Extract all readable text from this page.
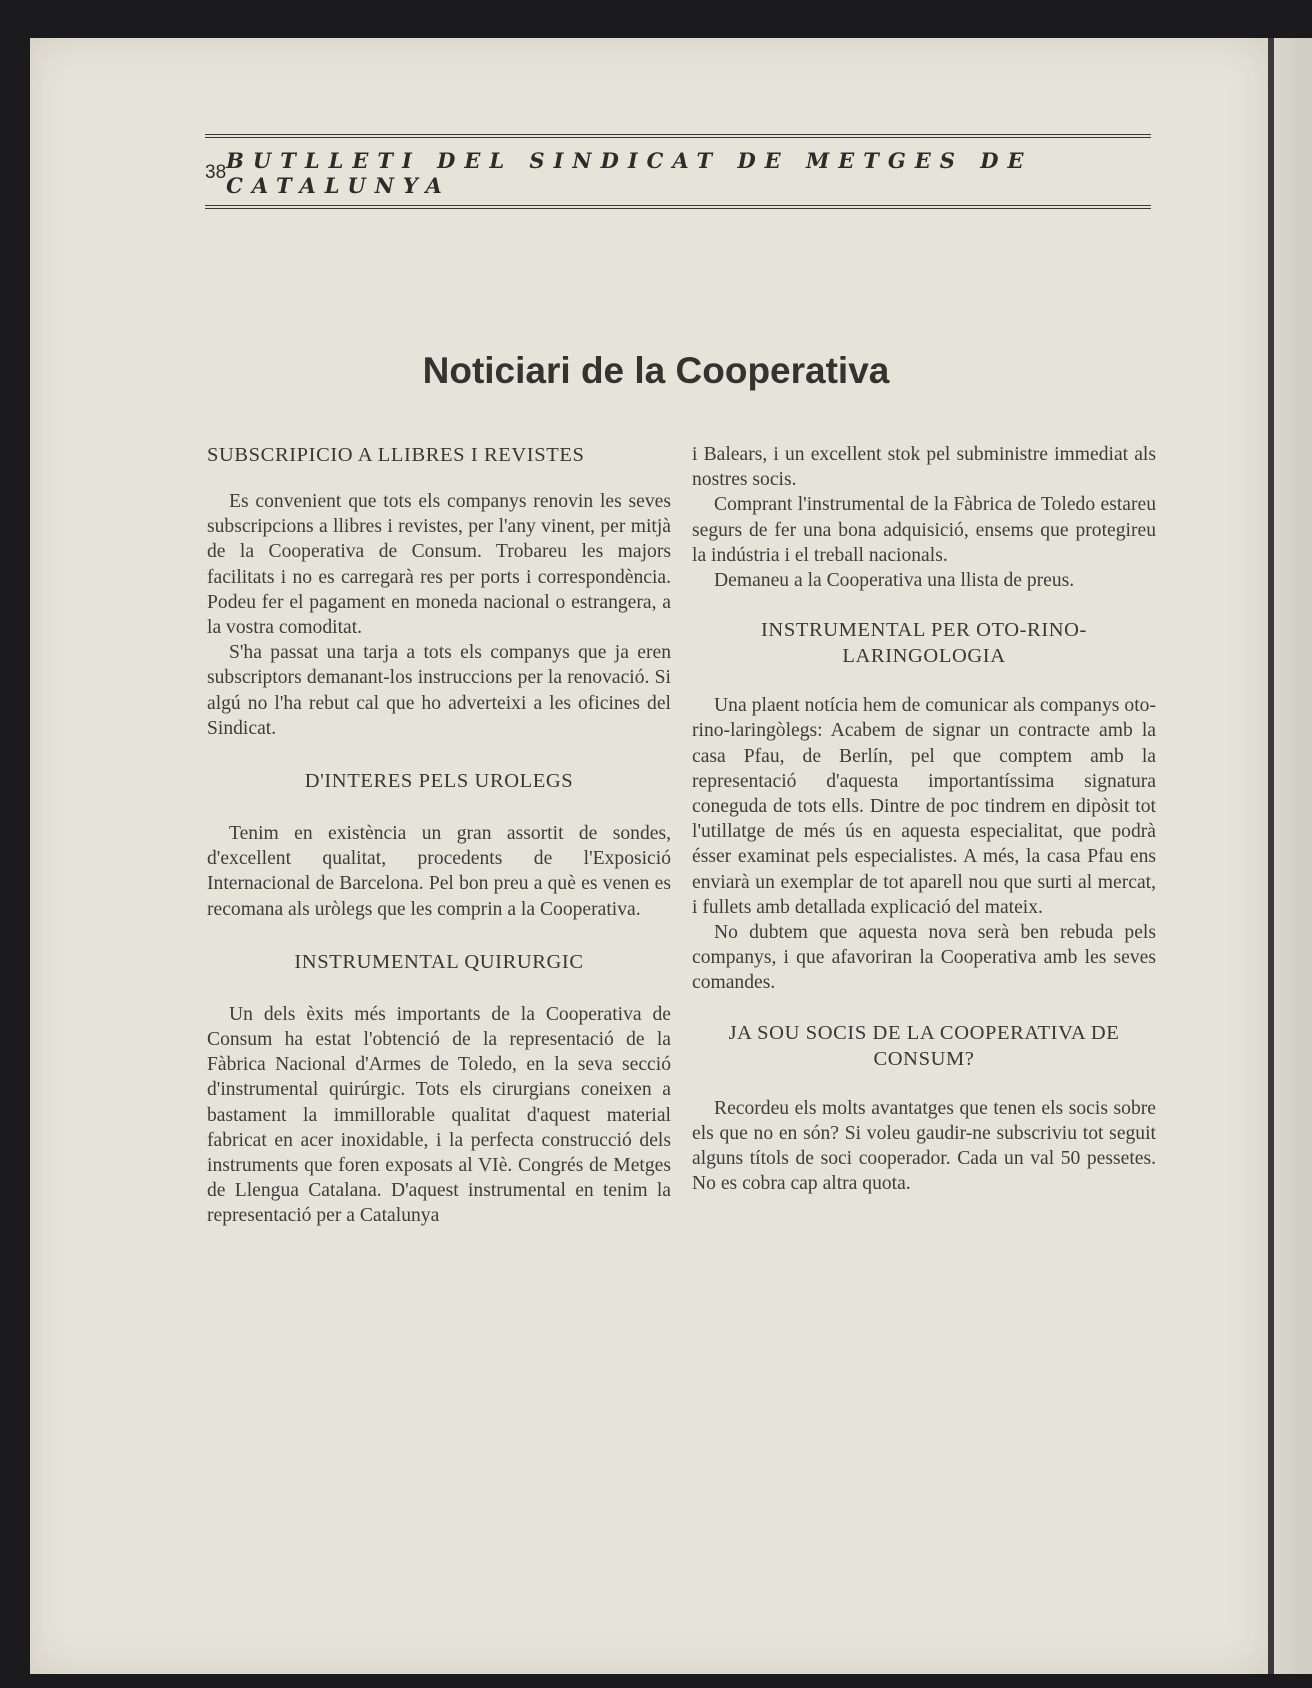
38 BUTLLETI DEL SINDICAT DE METGES DE CATALUNYA
Noticiari de la Cooperativa
SUBSCRIPICIO A LLIBRES I REVISTES

Es convenient que tots els companys renovin les seves subscripcions a llibres i revistes, per l'any vinent, per mitjà de la Cooperativa de Consum. Trobareu les majors facilitats i no es carregarà res per ports i correspondència. Podeu fer el pagament en moneda nacional o estrangera, a la vostra comoditat.

S'ha passat una tarja a tots els companys que ja eren subscriptors demanant-los instruccions per la renovació. Si algú no l'ha rebut cal que ho adverteixi a les oficines del Sindicat.

D'INTERES PELS UROLEGS

Tenim en existència un gran assortit de sondes, d'excellent qualitat, procedents de l'Exposició Internacional de Barcelona. Pel bon preu a què es venen es recomana als uròlegs que les comprin a la Cooperativa.

INSTRUMENTAL QUIRURGIC

Un dels èxits més importants de la Cooperativa de Consum ha estat l'obtenció de la representació de la Fàbrica Nacional d'Armes de Toledo, en la seva secció d'instrumental quirúrgic. Tots els cirurgians coneixen a bastament la immillorable qualitat d'aquest material fabricat en acer inoxidable, i la perfecta construcció dels instruments que foren exposats al VIè. Congrés de Metges de Llengua Catalana. D'aquest instrumental en tenim la representació per a Catalunya

i Balears, i un excellent stok pel subministre immediat als nostres socis.

Comprant l'instrumental de la Fàbrica de Toledo estareu segurs de fer una bona adquisició, ensems que protegireu la indústria i el treball nacionals.

Demaneu a la Cooperativa una llista de preus.

INSTRUMENTAL PER OTO-RINO-LARINGOLOGIA

Una plaent notícia hem de comunicar als companys oto-rino-laringòlegs: Acabem de signar un contracte amb la casa Pfau, de Berlín, pel que comptem amb la representació d'aquesta importantíssima signatura coneguda de tots ells. Dintre de poc tindrem en dipòsit tot l'utillatge de més ús en aquesta especialitat, que podrà ésser examinat pels especialistes. A més, la casa Pfau ens enviarà un exemplar de tot aparell nou que surti al mercat, i fullets amb detallada explicació del mateix.

No dubtem que aquesta nova serà ben rebuda pels companys, i que afavoriran la Cooperativa amb les seves comandes.

JA SOU SOCIS DE LA COOPERATIVA DE CONSUM?

Recordeu els molts avantatges que tenen els socis sobre els que no en són? Si voleu gaudir-ne subscriviu tot seguit alguns títols de soci cooperador. Cada un val 50 pessetes. No es cobra cap altra quota.
